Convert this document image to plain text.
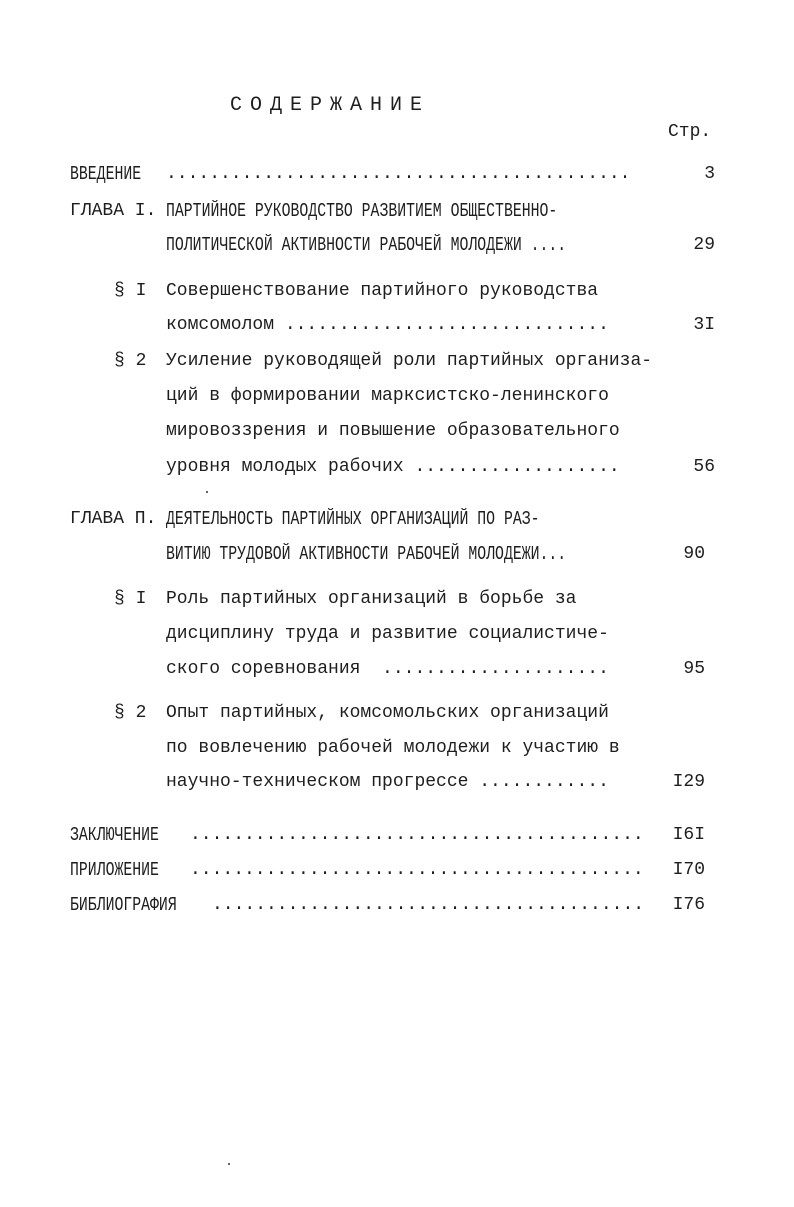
СОДЕРЖАНИЕ
Стр.
ВВЕДЕНИЕ ...........................................	3
ГЛАВА I. ПАРТИЙНОЕ РУКОВОДСТВО РАЗВИТИЕМ ОБЩЕСТВЕННО-
ПОЛИТИЧЕСКОЙ АКТИВНОСТИ РАБОЧЕЙ МОЛОДЕЖИ ....	29
§ I Совершенствование партийного руководства
комсомолом ..............................	3I
§ 2 Усиление руководящей роли партийных организа-
ций в формировании марксистско-ленинского
мировоззрения и повышение образовательного
уровня молодых рабочих ...................	56
ГЛАВА П. ДЕЯТЕЛЬНОСТЬ ПАРТИЙНЫХ ОРГАНИЗАЦИЙ ПО РАЗ-
ВИТИЮ ТРУДОВОЙ АКТИВНОСТИ РАБОЧЕЙ МОЛОДЕЖИ...	90
§ I Роль партийных организаций в борьбе за
дисциплину труда и развитие социалистиче-
ского соревнования  .....................	95
§ 2 Опыт партийных, комсомольских организаций
по вовлечению рабочей молодежи к участию в
научно-техническом прогрессе ............	I29
ЗАКЛЮЧЕНИЕ ..........................................	I6I
ПРИЛОЖЕНИЕ ..........................................	I70
БИБЛИОГРАФИЯ ........................................	I76
